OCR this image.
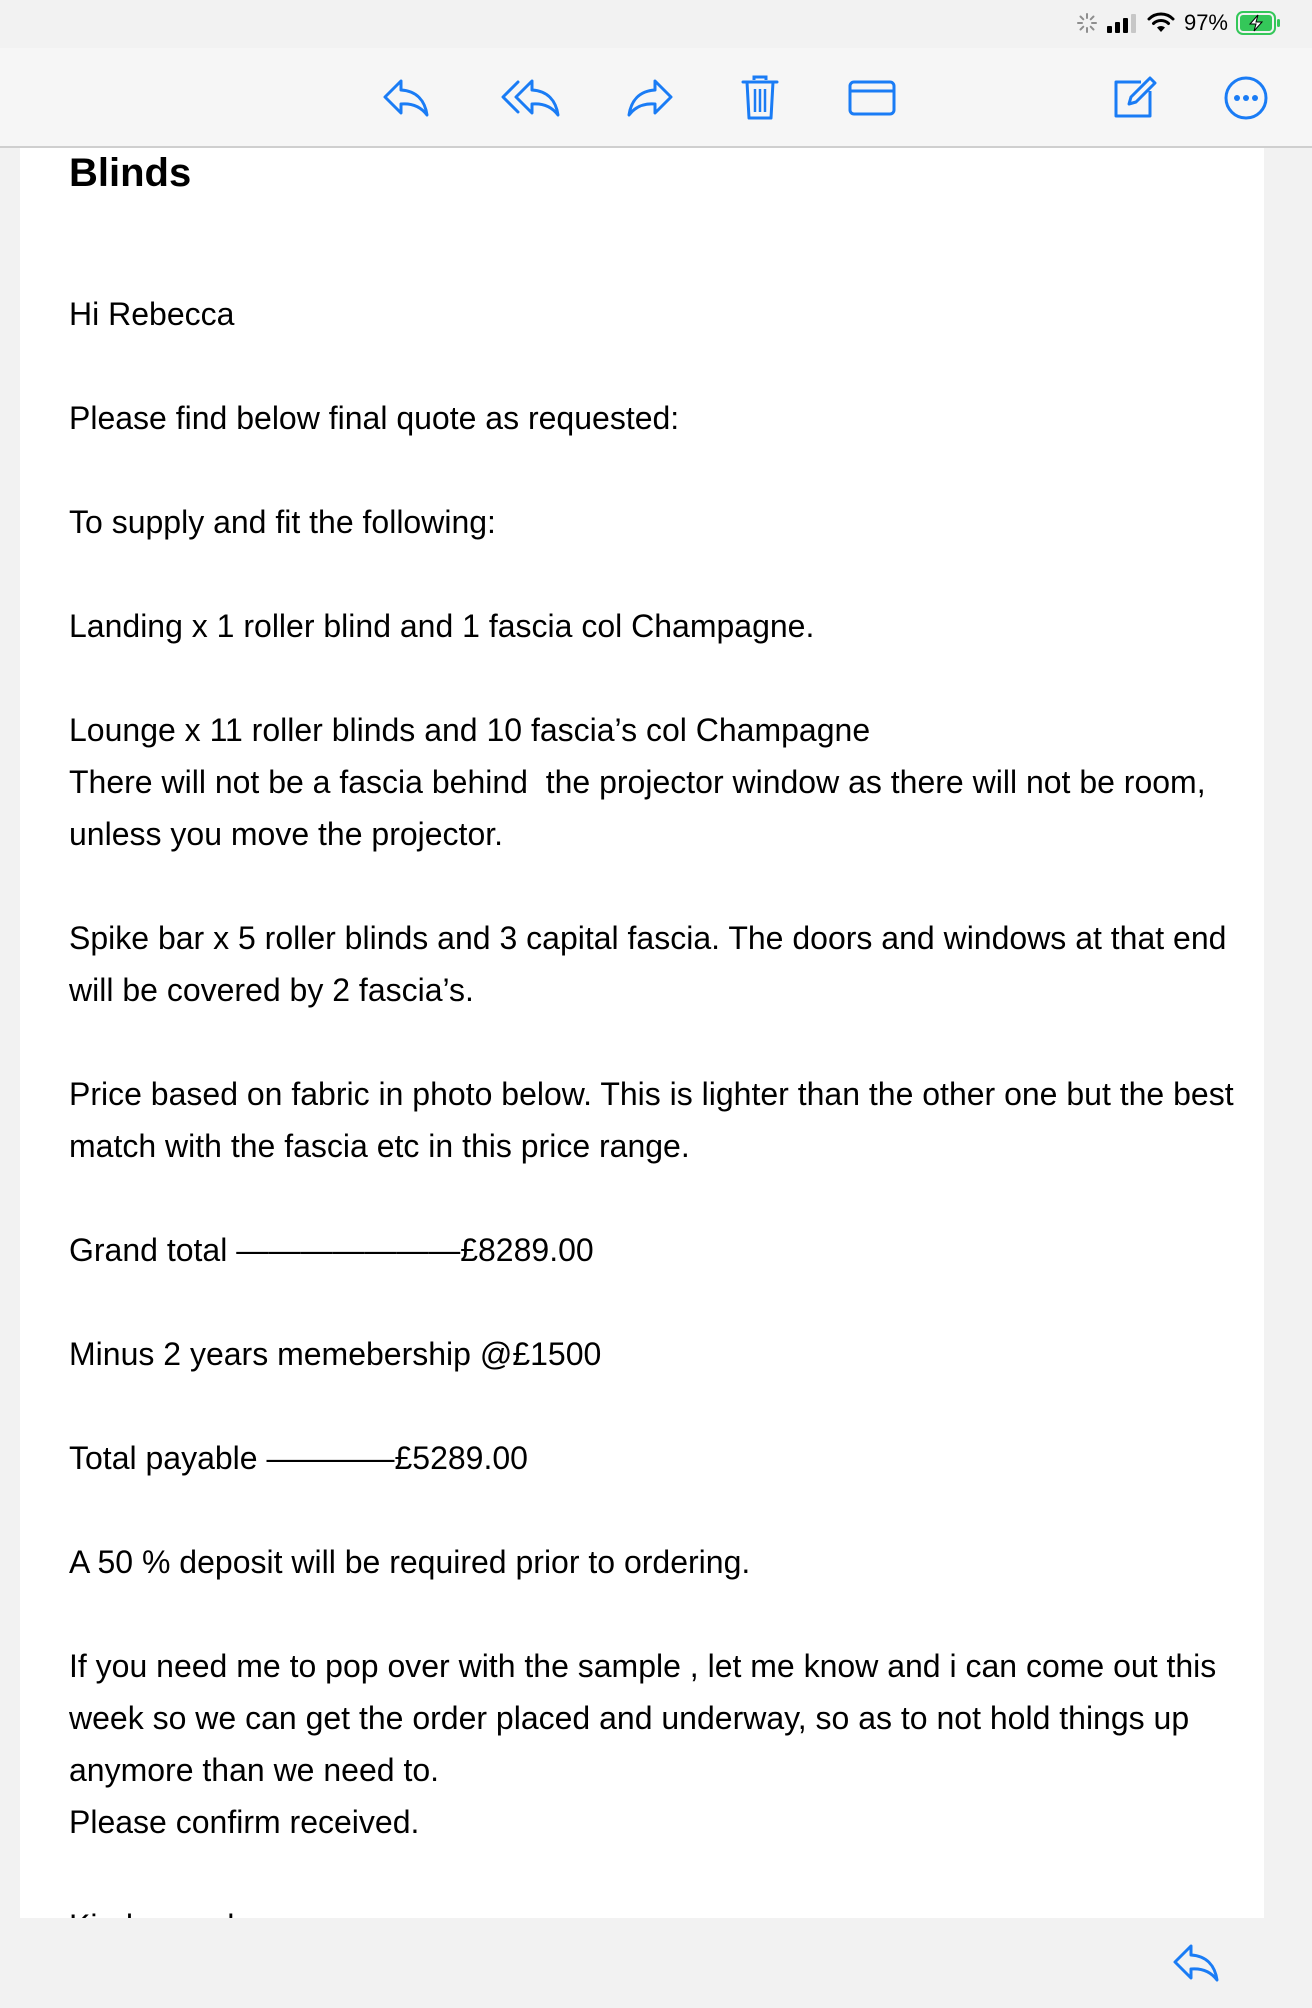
97%
Blinds

Hi Rebecca

Please find below final quote as requested:

To supply and fit the following:

Landing x 1 roller blind and 1 fascia col Champagne.

Lounge x 11 roller blinds and 10 fascia’s col Champagne
There will not be a fascia behind  the projector window as there will not be room, unless you move the projector.

Spike bar x 5 roller blinds and 3 capital fascia. The doors and windows at that end will be covered by 2 fascia’s.

Price based on fabric in photo below. This is lighter than the other one but the best match with the fascia etc in this price range.

Grand total ———————£8289.00

Minus 2 years memebership @£1500

Total payable ————£5289.00

A 50 % deposit will be required prior to ordering.

If you need me to pop over with the sample , let me know and i can come out this week so we can get the order placed and underway, so as to not hold things up anymore than we need to.
Please confirm received.
